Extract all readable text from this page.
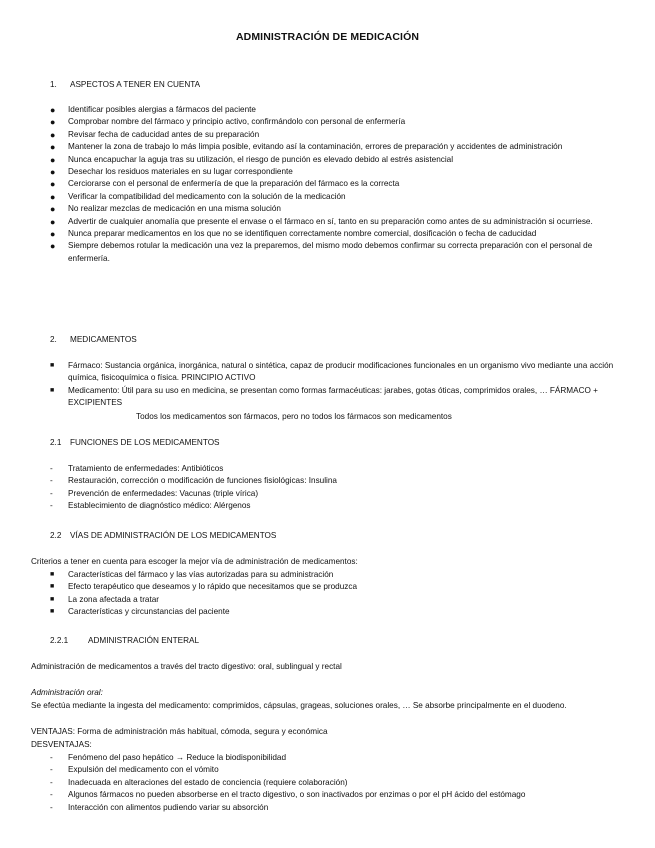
ADMINISTRACIÓN DE MEDICACIÓN
1. ASPECTOS A TENER EN CUENTA
●	Identificar posibles alergias a fármacos del paciente
●	Comprobar nombre del fármaco y principio activo, confirmándolo con personal de enfermería
●	Revisar fecha de caducidad antes de su preparación
●	Mantener la zona de trabajo lo más limpia posible, evitando así la contaminación, errores de preparación y accidentes de administración
●	Nunca encapuchar la aguja tras su utilización, el riesgo de punción es elevado debido al estrés asistencial
●	Desechar los residuos materiales en su lugar correspondiente
●	Cerciorarse con el personal de enfermería de que la preparación del fármaco es la correcta
●	Verificar la compatibilidad del medicamento con la solución de la medicación
●	No realizar mezclas de medicación en una misma solución
●	Advertir de cualquier anomalía que presente el envase o el fármaco en sí, tanto en su preparación como antes de su administración si ocurriese.
●	Nunca preparar medicamentos en los que no se identifiquen correctamente nombre comercial, dosificación o fecha de caducidad
●	Siempre debemos rotular la medicación una vez la preparemos, del mismo modo debemos confirmar su correcta preparación con el personal de enfermería.
2. MEDICAMENTOS
■	Fármaco: Sustancia orgánica, inorgánica, natural o sintética, capaz de producir modificaciones funcionales en un organismo vivo mediante una acción química, fisicoquímica o física. PRINCIPIO ACTIVO
■	Medicamento: Útil para su uso en medicina, se presentan como formas farmacéuticas: jarabes, gotas óticas, comprimidos orales, … FÁRMACO + EXCIPIENTES
Todos los medicamentos son fármacos, pero no todos los fármacos son medicamentos
2.1 FUNCIONES DE LOS MEDICAMENTOS
-	Tratamiento de enfermedades: Antibióticos
-	Restauración, corrección o modificación de funciones fisiológicas: Insulina
-	Prevención de enfermedades: Vacunas (triple vírica)
-	Establecimiento de diagnóstico médico: Alérgenos
2.2 VÍAS DE ADMINISTRACIÓN DE LOS MEDICAMENTOS
Criterios a tener en cuenta para escoger la mejor vía de administración de medicamentos:
■	Características del fármaco y las vías autorizadas para su administración
■	Efecto terapéutico que deseamos y lo rápido que necesitamos que se produzca
■	La zona afectada a tratar
■	Características y circunstancias del paciente
2.2.1 ADMINISTRACIÓN ENTERAL
Administración de medicamentos a través del tracto digestivo: oral, sublingual y rectal
Administración oral:
Se efectúa mediante la ingesta del medicamento: comprimidos, cápsulas, grageas, soluciones orales, … Se absorbe principalmente en el duodeno.
VENTAJAS: Forma de administración más habitual, cómoda, segura y económica
DESVENTAJAS:
-	Fenómeno del paso hepático → Reduce la biodisponibilidad
-	Expulsión del medicamento con el vómito
-	Inadecuada en alteraciones del estado de conciencia (requiere colaboración)
-	Algunos fármacos no pueden absorberse en el tracto digestivo, o son inactivados por enzimas o por el pH ácido del estómago
-	Interacción con alimentos pudiendo variar su absorción
